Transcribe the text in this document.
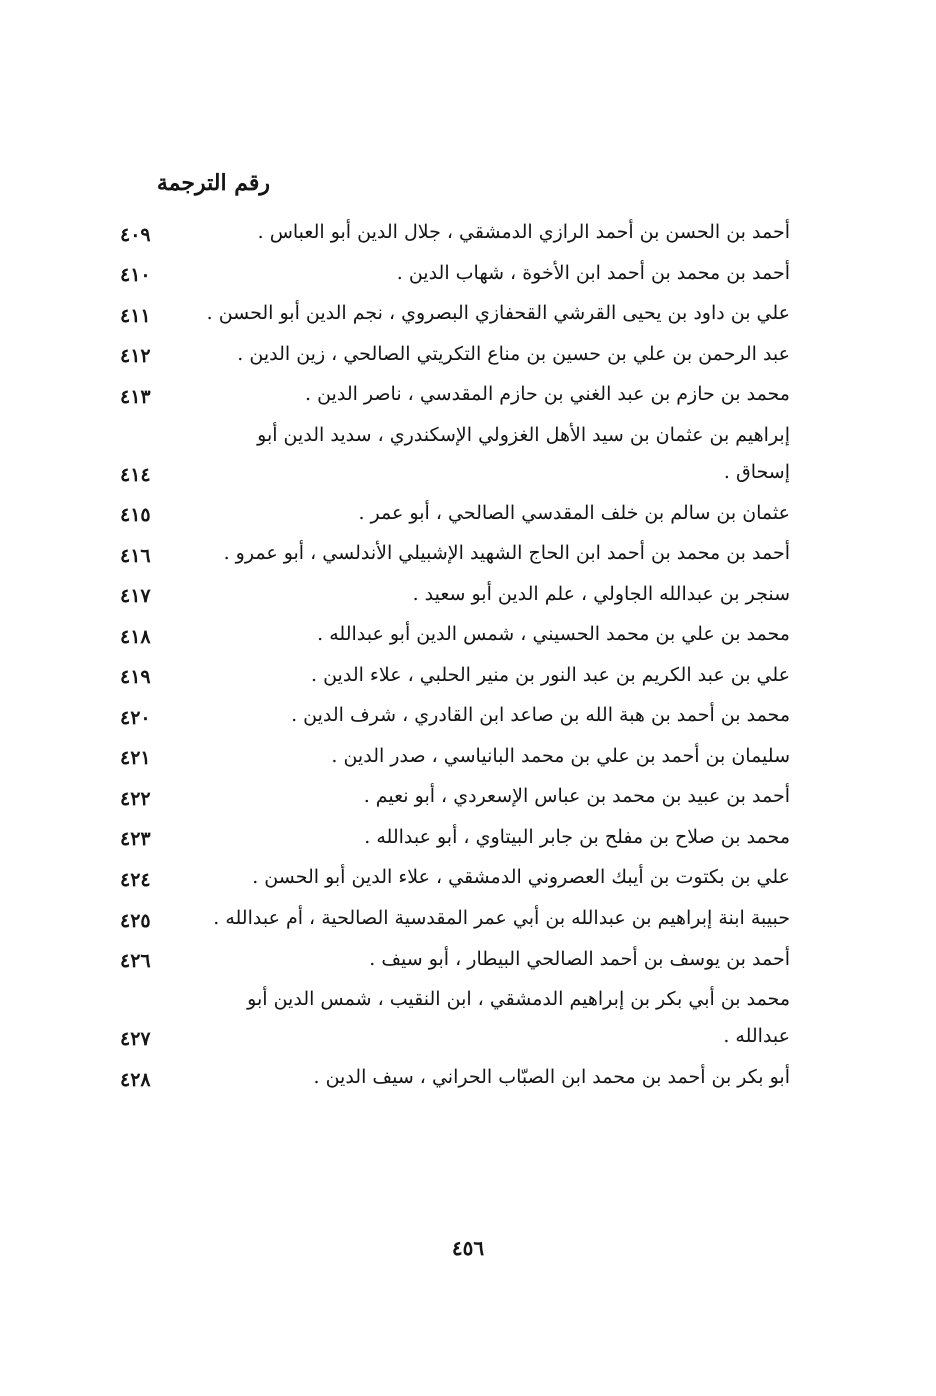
رقم الترجمة
أحمد بن الحسن بن أحمد الرازي الدمشقي ، جلال الدين أبو العباس .
٤٠٩
أحمد بن محمد بن أحمد ابن الأخوة ، شهاب الدين .
٤١٠
علي بن داود بن يحيى القرشي القحفازي البصروي ، نجم الدين أبو الحسن .
٤١١
عبد الرحمن بن علي بن حسين بن مناع التكريتي الصالحي ، زين الدين .
٤١٢
محمد بن حازم بن عبد الغني بن حازم المقدسي ، ناصر الدين .
٤١٣
إبراهيم بن عثمان بن سيد الأهل الغزولي الإسكندري ، سديد الدين أبو إسحاق .
٤١٤
عثمان بن سالم بن خلف المقدسي الصالحي ، أبو عمر .
٤١٥
أحمد بن محمد بن أحمد ابن الحاج الشهيد الإشبيلي الأندلسي ، أبو عمرو .
٤١٦
سنجر بن عبدالله الجاولي ، علم الدين أبو سعيد .
٤١٧
محمد بن علي بن محمد الحسيني ، شمس الدين أبو عبدالله .
٤١٨
علي بن عبد الكريم بن عبد النور بن منير الحلبي ، علاء الدين .
٤١٩
محمد بن أحمد بن هبة الله بن صاعد ابن القادري ، شرف الدين .
٤٢٠
سليمان بن أحمد بن علي بن محمد البانياسي ، صدر الدين .
٤٢١
أحمد بن عبيد بن محمد بن عباس الإسعردي ، أبو نعيم .
٤٢٢
محمد بن صلاح بن مفلح بن جابر البيتاوي ، أبو عبدالله .
٤٢٣
علي بن بكتوت بن أيبك العصروني الدمشقي ، علاء الدين أبو الحسن .
٤٢٤
حبيبة ابنة إبراهيم بن عبدالله بن أبي عمر المقدسية الصالحية ، أم عبدالله .
٤٢٥
أحمد بن يوسف بن أحمد الصالحي البيطار ، أبو سيف .
٤٢٦
محمد بن أبي بكر بن إبراهيم الدمشقي ، ابن النقيب ، شمس الدين أبو عبدالله .
٤٢٧
أبو بكر بن أحمد بن محمد ابن الصبّاب الحراني ، سيف الدين .
٤٢٨
٤٥٦
